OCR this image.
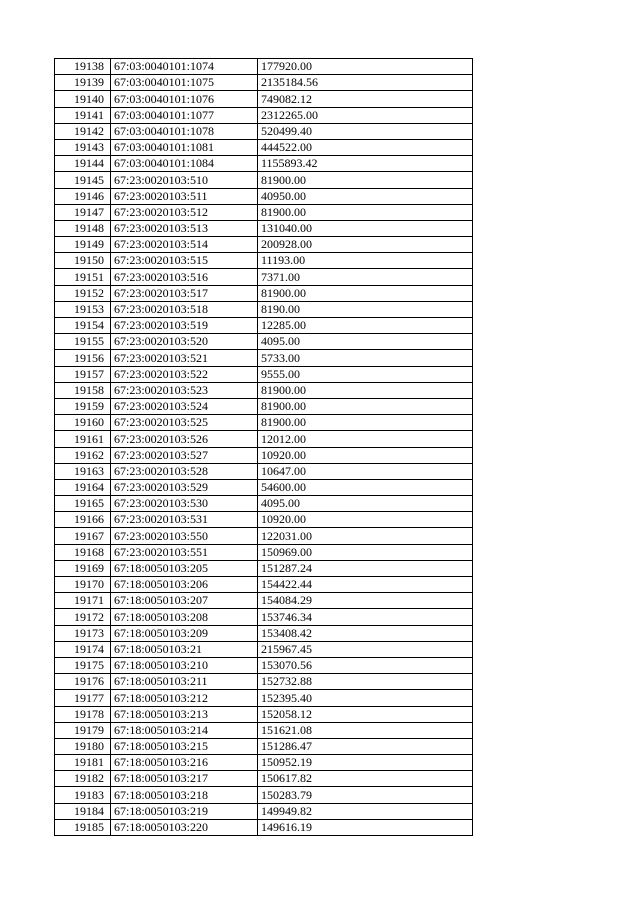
19138	67:03:0040101:1074	177920.00
19139	67:03:0040101:1075	2135184.56
19140	67:03:0040101:1076	749082.12
19141	67:03:0040101:1077	2312265.00
19142	67:03:0040101:1078	520499.40
19143	67:03:0040101:1081	444522.00
19144	67:03:0040101:1084	1155893.42
19145	67:23:0020103:510	81900.00
19146	67:23:0020103:511	40950.00
19147	67:23:0020103:512	81900.00
19148	67:23:0020103:513	131040.00
19149	67:23:0020103:514	200928.00
19150	67:23:0020103:515	11193.00
19151	67:23:0020103:516	7371.00
19152	67:23:0020103:517	81900.00
19153	67:23:0020103:518	8190.00
19154	67:23:0020103:519	12285.00
19155	67:23:0020103:520	4095.00
19156	67:23:0020103:521	5733.00
19157	67:23:0020103:522	9555.00
19158	67:23:0020103:523	81900.00
19159	67:23:0020103:524	81900.00
19160	67:23:0020103:525	81900.00
19161	67:23:0020103:526	12012.00
19162	67:23:0020103:527	10920.00
19163	67:23:0020103:528	10647.00
19164	67:23:0020103:529	54600.00
19165	67:23:0020103:530	4095.00
19166	67:23:0020103:531	10920.00
19167	67:23:0020103:550	122031.00
19168	67:23:0020103:551	150969.00
19169	67:18:0050103:205	151287.24
19170	67:18:0050103:206	154422.44
19171	67:18:0050103:207	154084.29
19172	67:18:0050103:208	153746.34
19173	67:18:0050103:209	153408.42
19174	67:18:0050103:21	215967.45
19175	67:18:0050103:210	153070.56
19176	67:18:0050103:211	152732.88
19177	67:18:0050103:212	152395.40
19178	67:18:0050103:213	152058.12
19179	67:18:0050103:214	151621.08
19180	67:18:0050103:215	151286.47
19181	67:18:0050103:216	150952.19
19182	67:18:0050103:217	150617.82
19183	67:18:0050103:218	150283.79
19184	67:18:0050103:219	149949.82
19185	67:18:0050103:220	149616.19
